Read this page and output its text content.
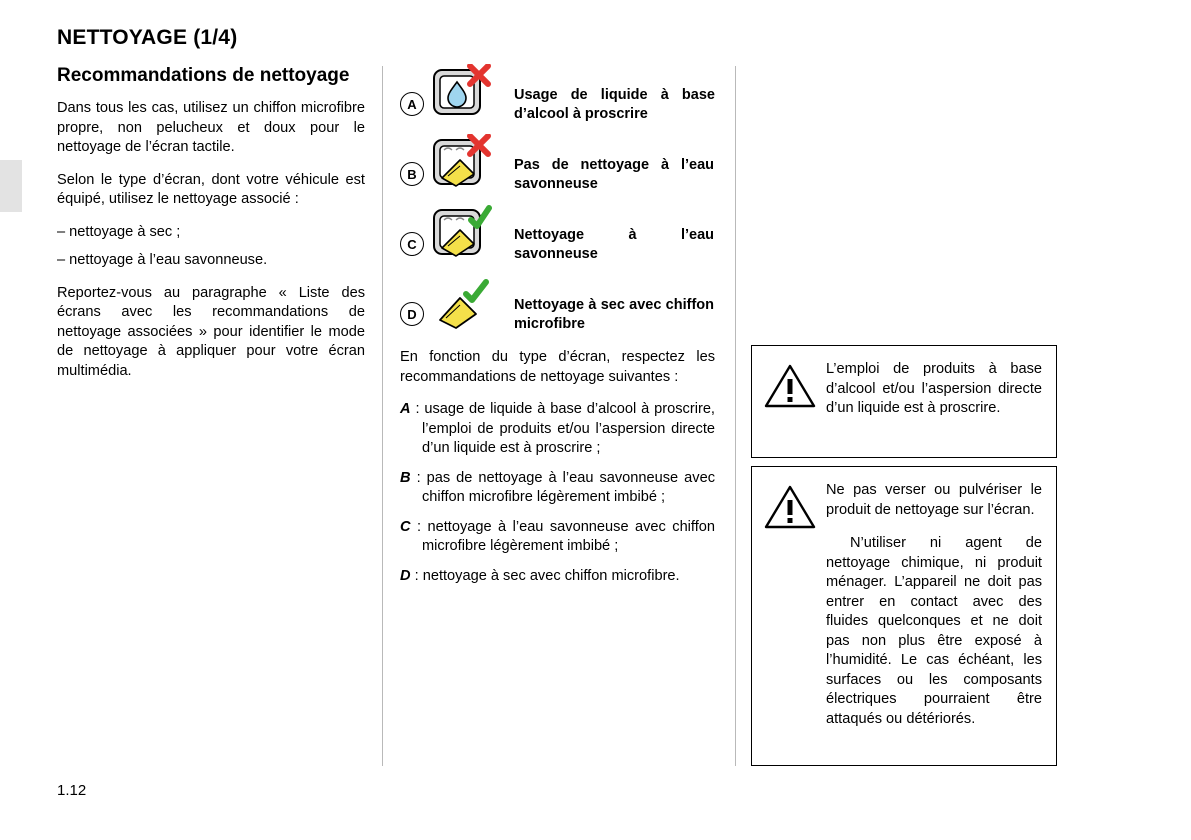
NETTOYAGE (1/4)
Recommandations de nettoyage

Dans tous les cas, utilisez un chiffon microfibre propre, non pelucheux et doux pour le nettoyage de l’écran tactile.

Selon le type d’écran, dont votre véhicule est équipé, utilisez le nettoyage associé :

– nettoyage à sec ;

– nettoyage à l’eau savonneuse.

Reportez-vous au paragraphe « Liste des écrans avec les recommandations de nettoyage associées » pour identifier le mode de nettoyage à appliquer pour votre écran multimédia.

A
Usage de liquide à base d’alcool à proscrire
B
Pas de nettoyage à l’eau savonneuse
C
Nettoyage à l’eau savonneuse
D
Nettoyage à sec avec chiffon microfibre

En fonction du type d’écran, respectez les recommandations de nettoyage suivantes :

A : usage de liquide à base d’alcool à proscrire, l’emploi de produits et/ou l’aspersion directe d’un liquide est à proscrire ;

B : pas de nettoyage à l’eau savonneuse avec chiffon microfibre légèrement imbibé ;

C : nettoyage à l’eau savonneuse avec chiffon microfibre légèrement imbibé ;

D : nettoyage à sec avec chiffon microfibre.

L’emploi de produits à base d’alcool et/ou l’aspersion directe d’un liquide est à proscrire.

Ne pas verser ou pulvériser le produit de nettoyage sur l’écran.

N’utiliser ni agent de nettoyage chimique, ni produit ménager. L’appareil ne doit pas entrer en contact avec des fluides quelconques et ne doit pas non plus être exposé à l’humidité. Le cas échéant, les surfaces ou les composants électriques pourraient être attaqués ou détériorés.

1.12
